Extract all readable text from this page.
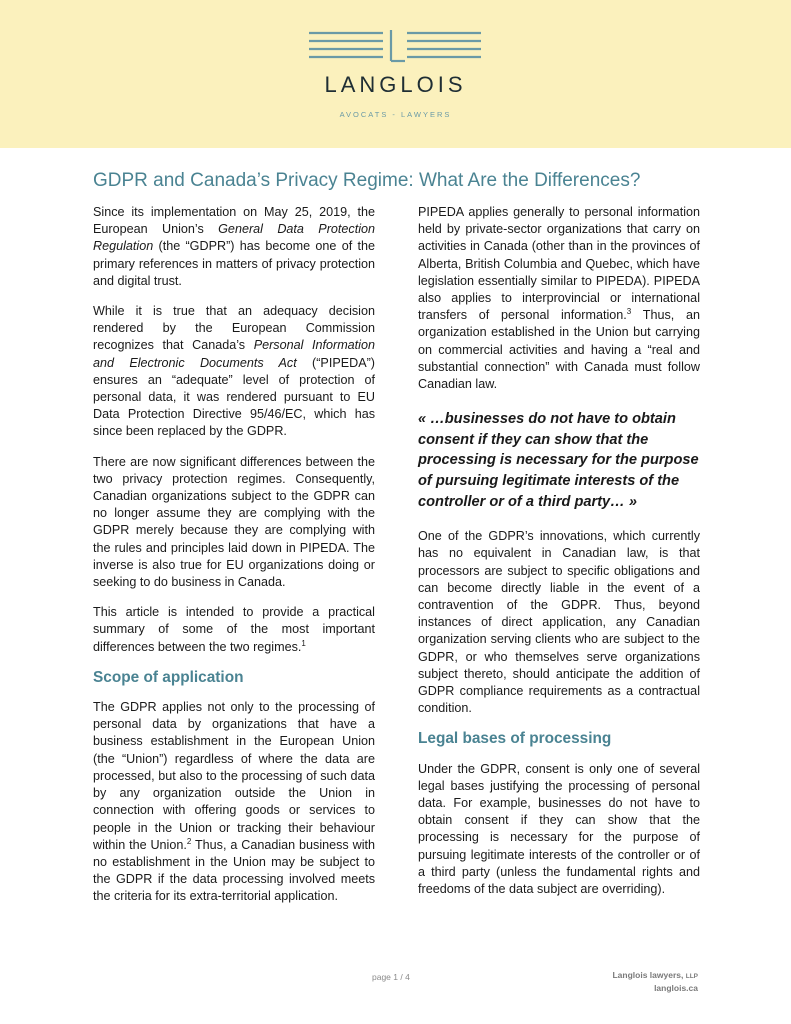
LANGLOIS
AVOCATS - LAWYERS
GDPR and Canada’s Privacy Regime: What Are the Differences?

Since its implementation on May 25, 2019, the European Union’s General Data Protection Regulation (the “GDPR”) has become one of the primary references in matters of privacy protection and digital trust.

While it is true that an adequacy decision rendered by the European Commission recognizes that Canada’s Personal Information and Electronic Documents Act (“PIPEDA”) ensures an “adequate” level of protection of personal data, it was rendered pursuant to EU Data Protection Directive 95/46/EC, which has since been replaced by the GDPR.

There are now significant differences between the two privacy protection regimes. Consequently, Canadian organizations subject to the GDPR can no longer assume they are complying with the GDPR merely because they are complying with the rules and principles laid down in PIPEDA. The inverse is also true for EU organizations doing or seeking to do business in Canada.

This article is intended to provide a practical summary of some of the most important differences between the two regimes.$^1$

Scope of application

The GDPR applies not only to the processing of personal data by organizations that have a business establishment in the European Union (the “Union”) regardless of where the data are processed, but also to the processing of such data by any organization outside the Union in connection with offering goods or services to people in the Union or tracking their behaviour within the Union.$^2$ Thus, a Canadian business with no establishment in the Union may be subject to the GDPR if the data processing involved meets the criteria for its extra-territorial application.

PIPEDA applies generally to personal information held by private-sector organizations that carry on activities in Canada (other than in the provinces of Alberta, British Columbia and Quebec, which have legislation essentially similar to PIPEDA). PIPEDA also applies to interprovincial or international transfers of personal information.$^3$ Thus, an organization established in the Union but carrying on commercial activities and having a “real and substantial connection” with Canada must follow Canadian law.

« …businesses do not have to obtain consent if they can show that the processing is necessary for the purpose of pursuing legitimate interests of the controller or of a third party… »

One of the GDPR’s innovations, which currently has no equivalent in Canadian law, is that processors are subject to specific obligations and can become directly liable in the event of a contravention of the GDPR. Thus, beyond instances of direct application, any Canadian organization serving clients who are subject to the GDPR, or who themselves serve organizations subject thereto, should anticipate the addition of GDPR compliance requirements as a contractual condition.

Legal bases of processing

Under the GDPR, consent is only one of several legal bases justifying the processing of personal data. For example, businesses do not have to obtain consent if they can show that the processing is necessary for the purpose of pursuing legitimate interests of the controller or of a third party (unless the fundamental rights and freedoms of the data subject are overriding).

page 1 / 4	Langlois lawyers, LLP
langlois.ca
